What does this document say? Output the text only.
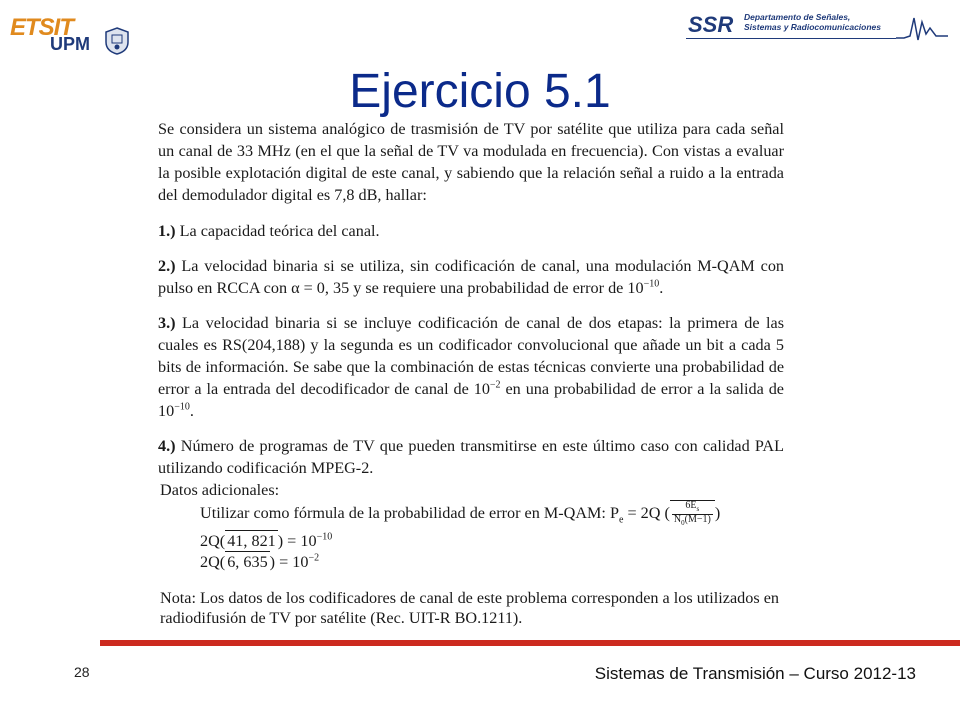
ETSIT
UPM
SSR Departamento de Señales,
Sistemas y Radiocomunicaciones
Ejercicio 5.1

Se considera un sistema analógico de trasmisión de TV por satélite que utiliza para cada señal un canal de 33 MHz (en el que la señal de TV va modulada en frecuencia). Con vistas a evaluar la posible explotación digital de este canal, y sabiendo que la relación señal a ruido a la entrada del demodulador digital es 7,8 dB, hallar:

1.) La capacidad teórica del canal.

2.) La velocidad binaria si se utiliza, sin codificación de canal, una modulación M-QAM con pulso en RCCA con α = 0, 35 y se requiere una probabilidad de error de $10^{-10}$.

3.) La velocidad binaria si se incluye codificación de canal de dos etapas: la primera de las cuales es RS(204,188) y la segunda es un codificador convolucional que añade un bit a cada 5 bits de información. Se sabe que la combinación de estas técnicas convierte una probabilidad de error a la entrada del decodificador de canal de $10^{-2}$ en una probabilidad de error a la salida de $10^{-10}$.

4.) Número de programas de TV que pueden transmitirse en este último caso con calidad PAL utilizando codificación MPEG-2.

Datos adicionales:
Utilizar como fórmula de la probabilidad de error en M-QAM: $P_e = 2Q$ ( $\frac{6E_s}{N_0(M-1)}$ )
2Q( 41, 821 ) = $10^{-10}$
2Q( 6, 635 ) = $10^{-2}$

Nota: Los datos de los codificadores de canal de este problema corresponden a los utilizados en radiodifusión de TV por satélite (Rec. UIT-R BO.1211).

28	Sistemas de Transmisión – Curso 2012-13
